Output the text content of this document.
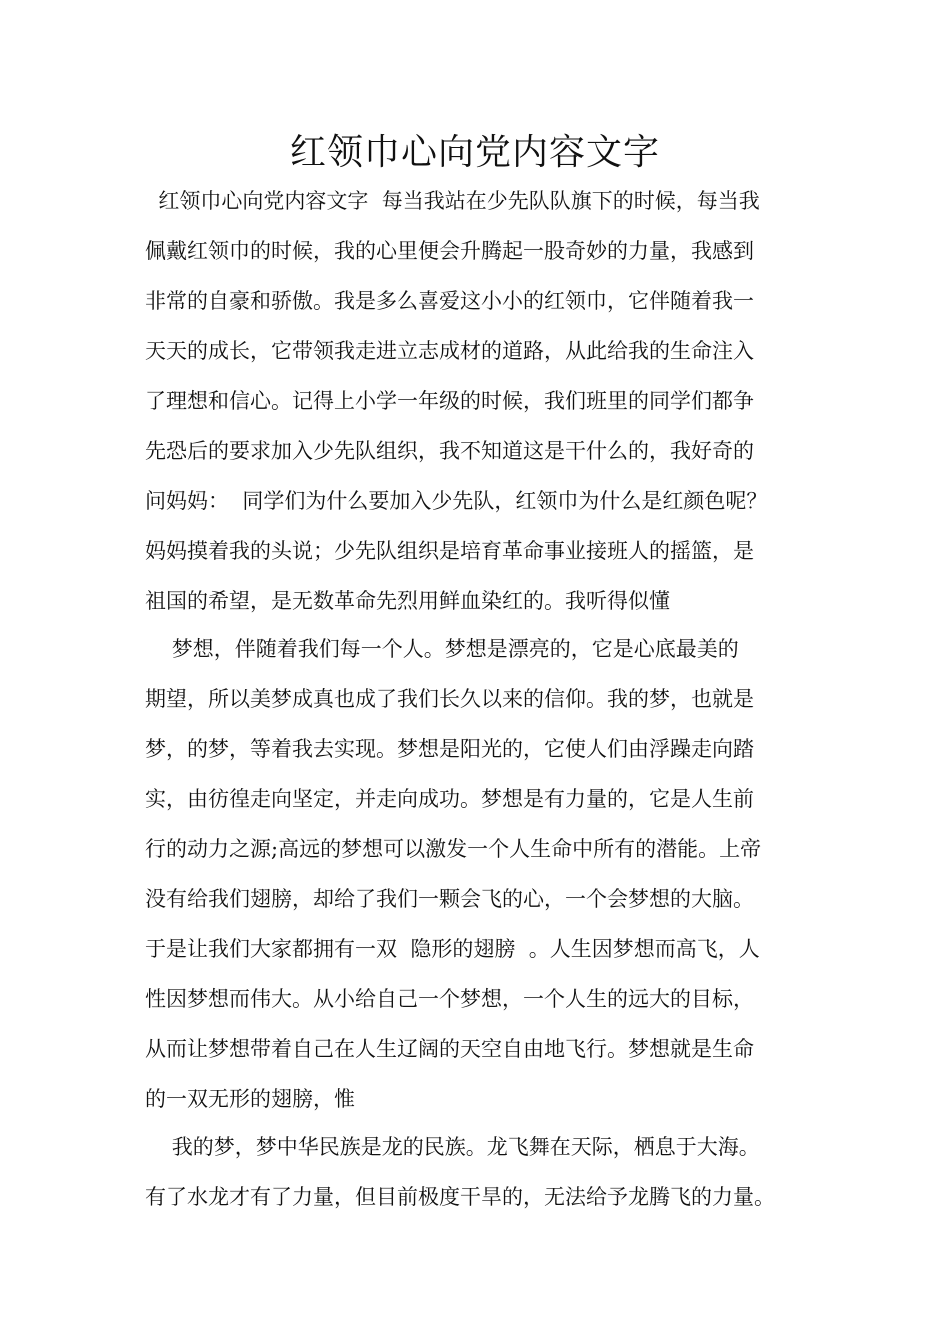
红领巾心向党内容文字
红领巾心向党内容文字  每当我站在少先队队旗下的时候，每当我
佩戴红领巾的时候，我的心里便会升腾起一股奇妙的力量，我感到
非常的自豪和骄傲。我是多么喜爱这小小的红领巾，它伴随着我一
天天的成长，它带领我走进立志成材的道路，从此给我的生命注入
了理想和信心。记得上小学一年级的时候，我们班里的同学们都争
先恐后的要求加入少先队组织，我不知道这是干什么的，我好奇的
问妈妈：  同学们为什么要加入少先队，红领巾为什么是红颜色呢？
妈妈摸着我的头说；少先队组织是培育革命事业接班人的摇篮，是
祖国的希望，是无数革命先烈用鲜血染红的。我听得似懂
梦想，伴随着我们每一个人。梦想是漂亮的，它是心底最美的
期望，所以美梦成真也成了我们长久以来的信仰。我的梦，也就是
梦，的梦，等着我去实现。梦想是阳光的，它使人们由浮躁走向踏
实，由彷徨走向坚定，并走向成功。梦想是有力量的，它是人生前
行的动力之源;高远的梦想可以激发一个人生命中所有的潜能。上帝
没有给我们翅膀，却给了我们一颗会飞的心，一个会梦想的大脑。
于是让我们大家都拥有一双  隐形的翅膀  。人生因梦想而高飞，人
性因梦想而伟大。从小给自己一个梦想，一个人生的远大的目标，
从而让梦想带着自己在人生辽阔的天空自由地飞行。梦想就是生命
的一双无形的翅膀，惟
我的梦，梦中华民族是龙的民族。龙飞舞在天际，栖息于大海。
有了水龙才有了力量，但目前极度干旱的，无法给予龙腾飞的力量。
